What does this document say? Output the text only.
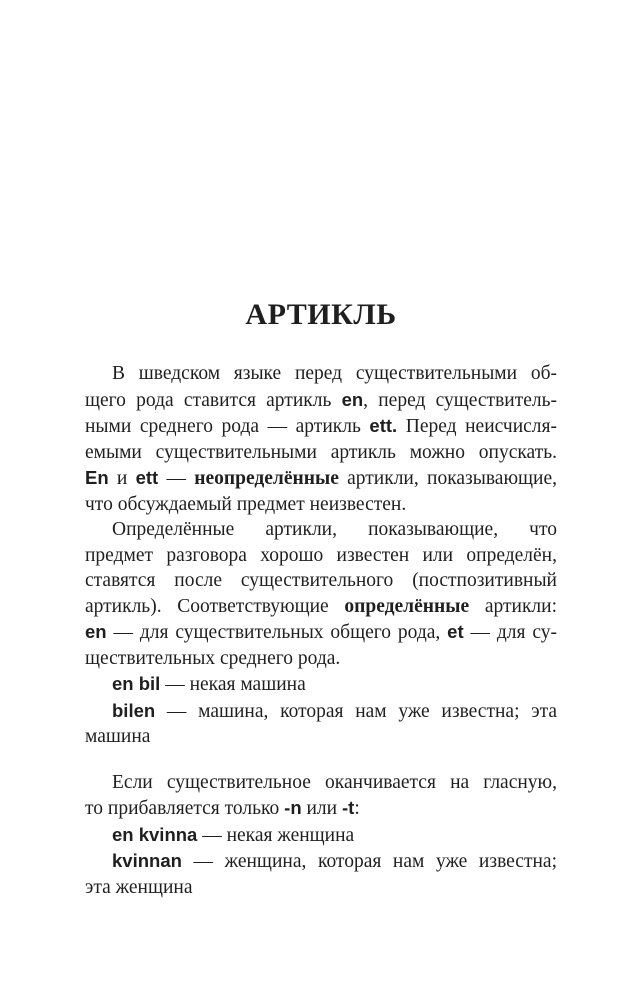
АРТИКЛЬ
В шведском языке перед существительными об-
щего рода ставится артикль en, перед существитель-
ными среднего рода — артикль ett. Перед неисчисля-
емыми существительными артикль можно опускать.
En и ett — неопределённые артикли, показывающие,
что обсуждаемый предмет неизвестен.
Определённые артикли, показывающие, что
предмет разговора хорошо известен или определён,
ставятся после существительного (постпозитивный
артикль). Соответствующие определённые артикли:
en — для существительных общего рода, et — для су-
ществительных среднего рода.
en bil — некая машина
bilen — машина, которая нам уже известна; эта
машина
Если существительное оканчивается на гласную,
то прибавляется только -n или -t:
en kvinna — некая женщина
kvinnan — женщина, которая нам уже известна;
эта женщина
